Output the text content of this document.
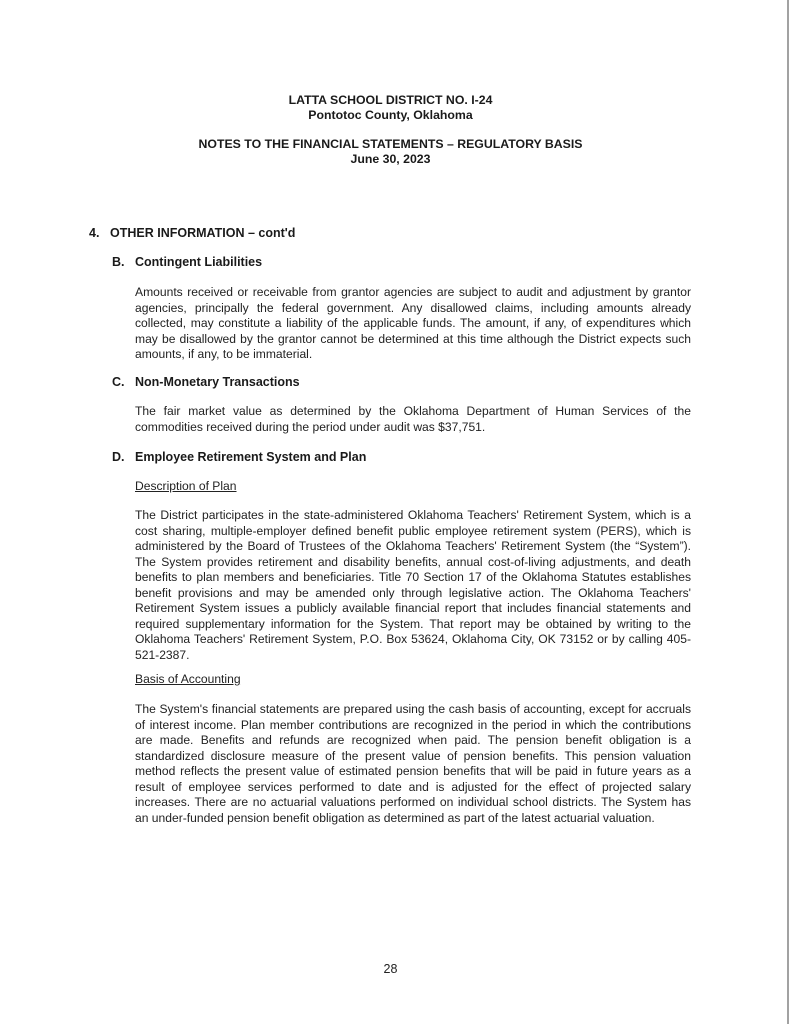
LATTA SCHOOL DISTRICT NO. I-24
Pontotoc County, Oklahoma
NOTES TO THE FINANCIAL STATEMENTS – REGULATORY BASIS
June 30, 2023
4. OTHER INFORMATION – cont'd
B. Contingent Liabilities
Amounts received or receivable from grantor agencies are subject to audit and adjustment by grantor agencies, principally the federal government. Any disallowed claims, including amounts already collected, may constitute a liability of the applicable funds. The amount, if any, of expenditures which may be disallowed by the grantor cannot be determined at this time although the District expects such amounts, if any, to be immaterial.
C. Non-Monetary Transactions
The fair market value as determined by the Oklahoma Department of Human Services of the commodities received during the period under audit was $37,751.
D. Employee Retirement System and Plan
Description of Plan
The District participates in the state-administered Oklahoma Teachers' Retirement System, which is a cost sharing, multiple-employer defined benefit public employee retirement system (PERS), which is administered by the Board of Trustees of the Oklahoma Teachers' Retirement System (the “System”). The System provides retirement and disability benefits, annual cost-of-living adjustments, and death benefits to plan members and beneficiaries. Title 70 Section 17 of the Oklahoma Statutes establishes benefit provisions and may be amended only through legislative action. The Oklahoma Teachers' Retirement System issues a publicly available financial report that includes financial statements and required supplementary information for the System. That report may be obtained by writing to the Oklahoma Teachers' Retirement System, P.O. Box 53624, Oklahoma City, OK 73152 or by calling 405-521-2387.
Basis of Accounting
The System's financial statements are prepared using the cash basis of accounting, except for accruals of interest income. Plan member contributions are recognized in the period in which the contributions are made. Benefits and refunds are recognized when paid. The pension benefit obligation is a standardized disclosure measure of the present value of pension benefits. This pension valuation method reflects the present value of estimated pension benefits that will be paid in future years as a result of employee services performed to date and is adjusted for the effect of projected salary increases. There are no actuarial valuations performed on individual school districts. The System has an under-funded pension benefit obligation as determined as part of the latest actuarial valuation.
28
